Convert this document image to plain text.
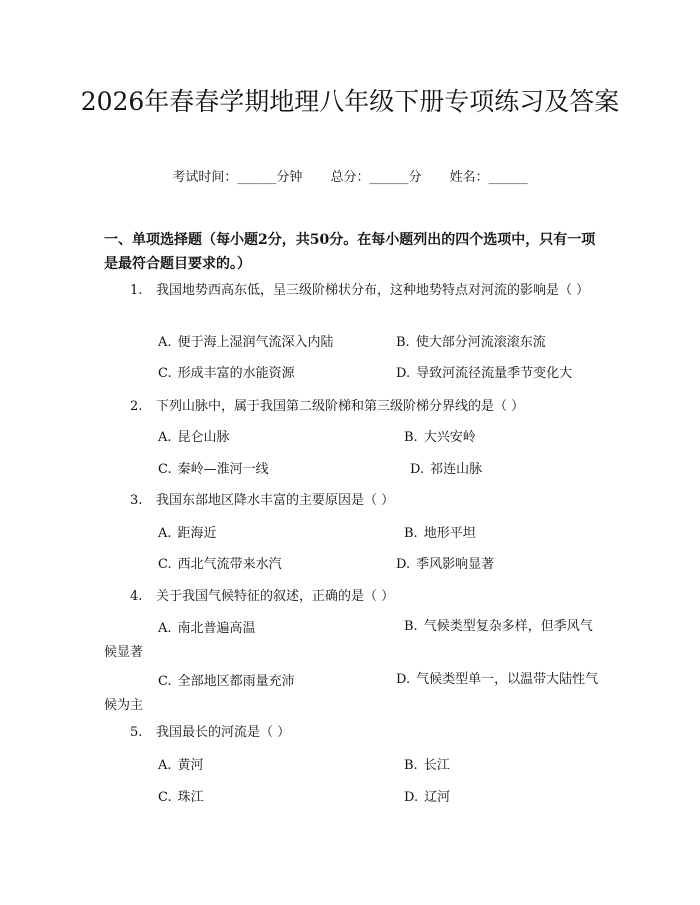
2026年春春学期地理八年级下册专项练习及答案
考试时间：______分钟 总分：______分 姓名：______

一、单项选择题（每小题2分，共50分。在每小题列出的四个选项中，只有一项是最符合题目要求的。）

1. 我国地势西高东低，呈三级阶梯状分布，这种地势特点对河流的影响是（ ）
A. 便于海上湿润气流深入内陆	B. 使大部分河流滚滚东流
C. 形成丰富的水能资源	D. 导致河流径流量季节变化大
2. 下列山脉中，属于我国第二级阶梯和第三级阶梯分界线的是（ ）
A. 昆仑山脉	B. 大兴安岭
C. 秦岭—淮河一线	D. 祁连山脉
3. 我国东部地区降水丰富的主要原因是（ ）
A. 距海近	B. 地形平坦
C. 西北气流带来水汽	D. 季风影响显著
4. 关于我国气候特征的叙述，正确的是（ ）
A. 南北普遍高温	B. 气候类型复杂多样，但季风气候显著
C. 全部地区都雨量充沛	D. 气候类型单一，以温带大陆性气候为主
5. 我国最长的河流是（ ）
A. 黄河	B. 长江
C. 珠江	D. 辽河
